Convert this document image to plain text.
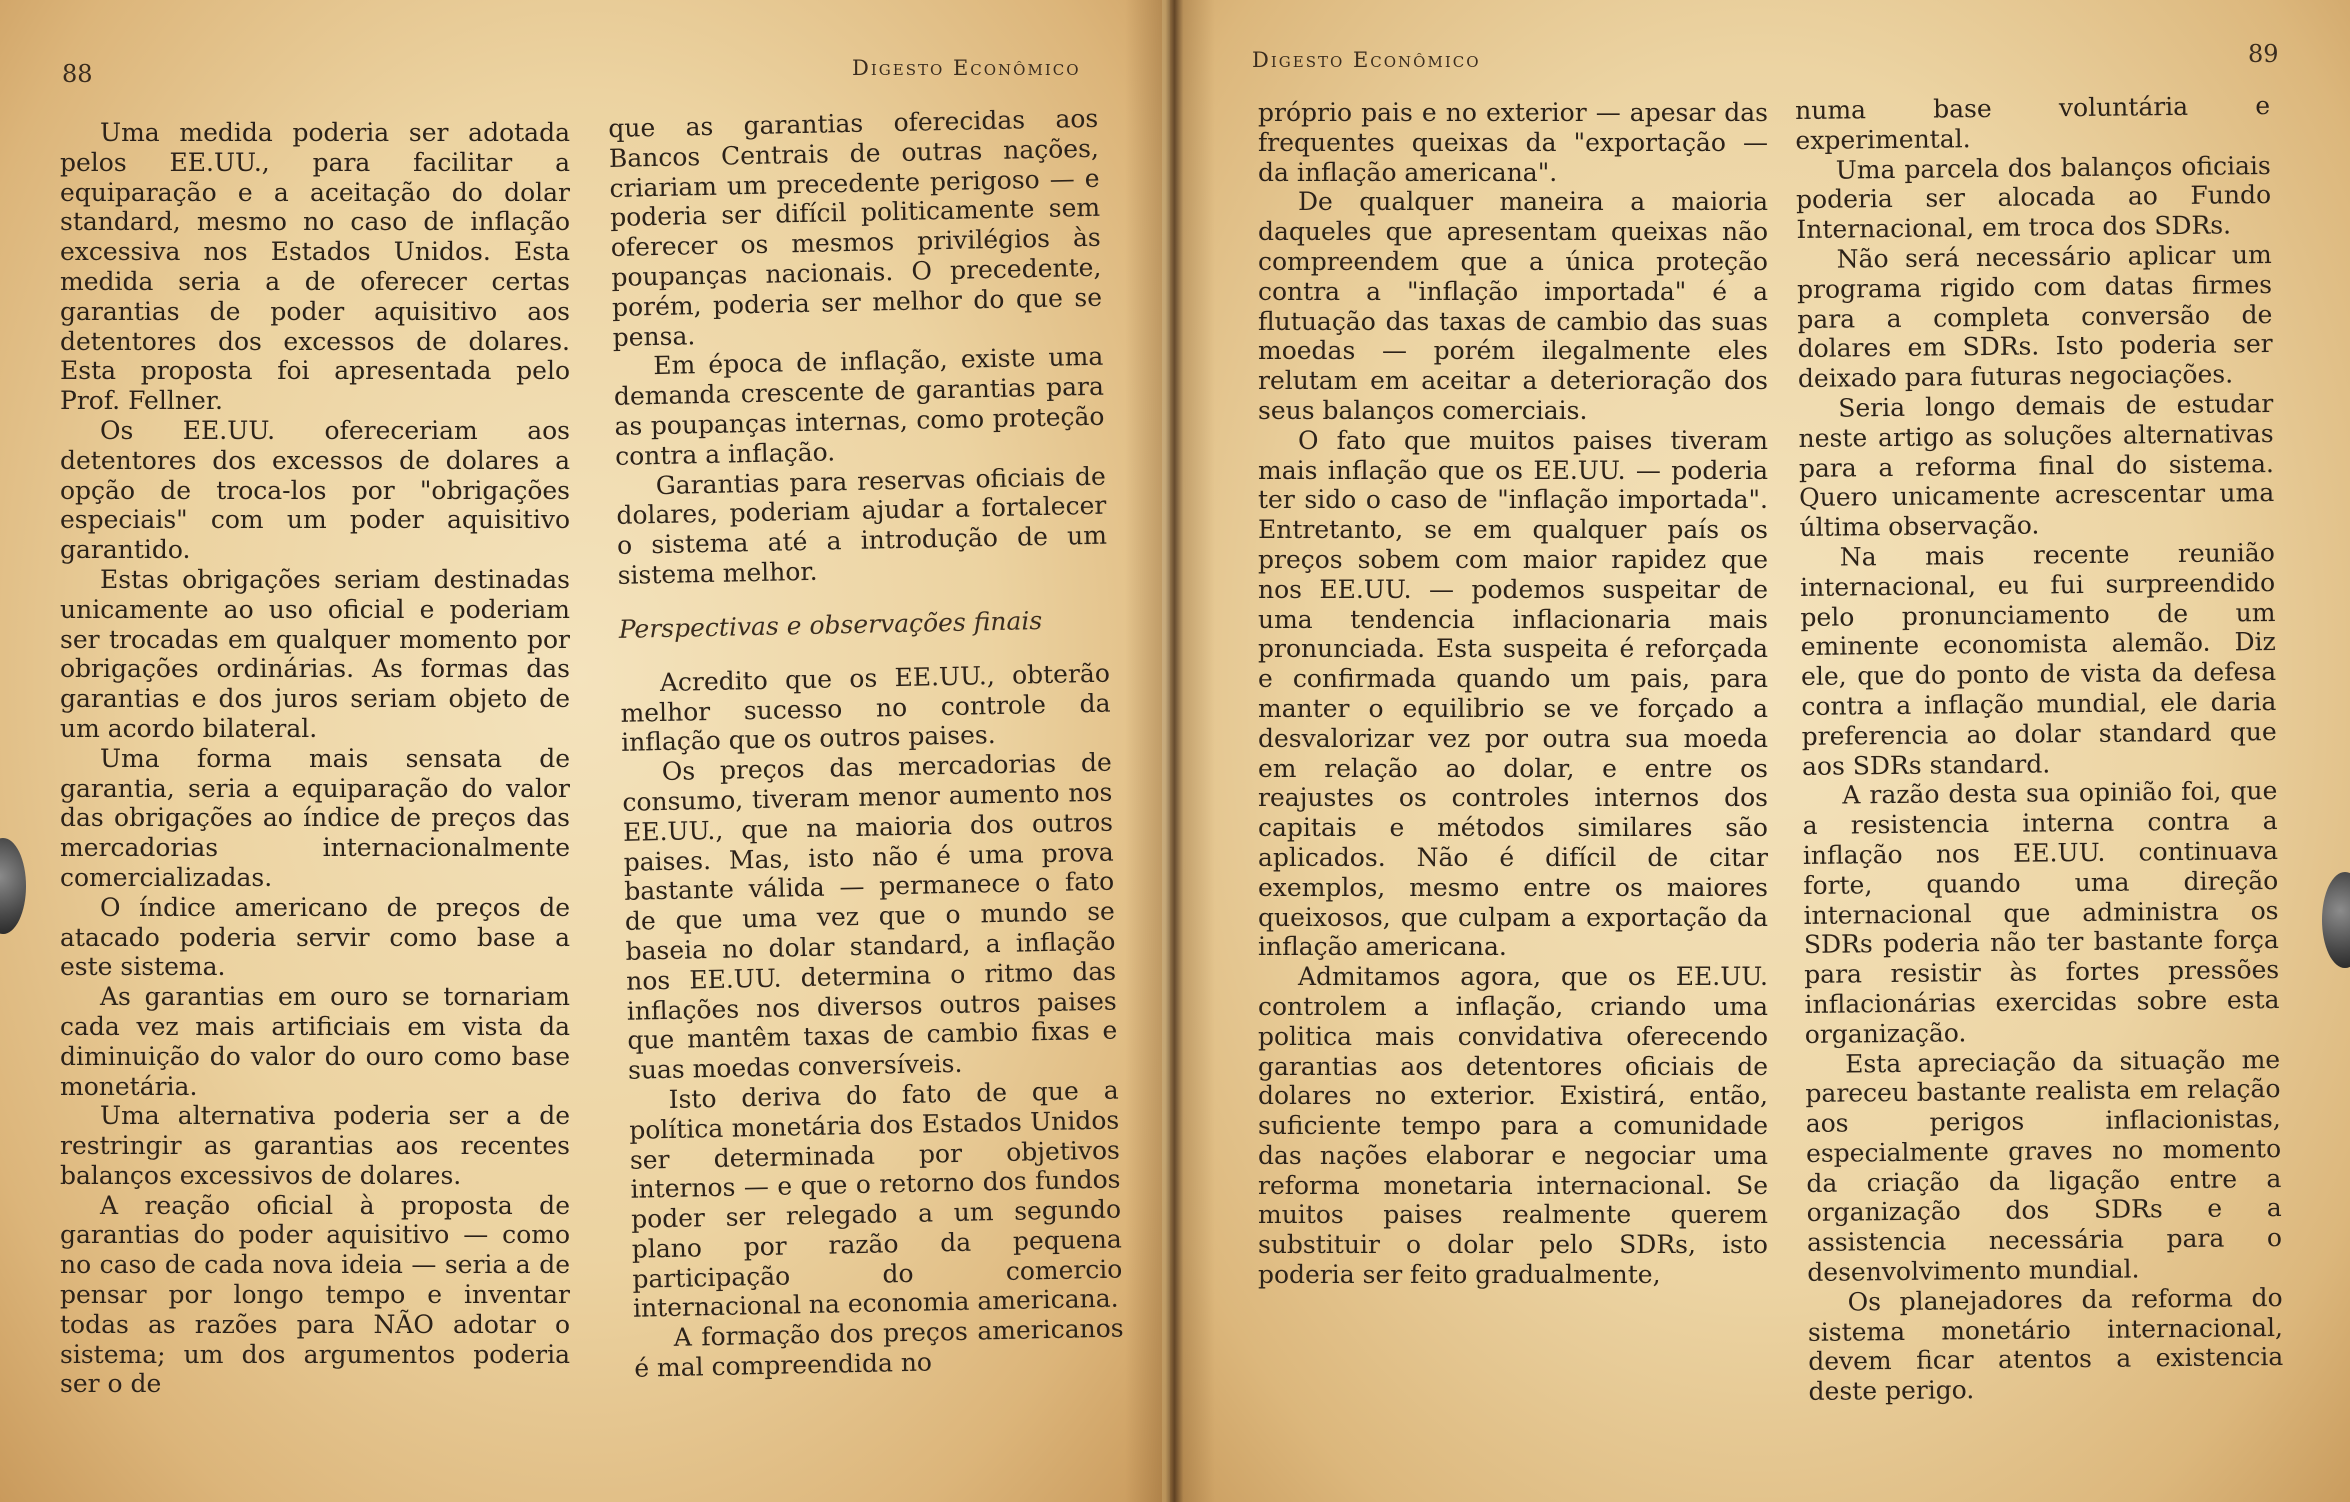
88	Digesto Econômico

Uma medida poderia ser adotada pelos EE.UU., para facilitar a equiparação e a aceitação do dolar standard, mesmo no caso de inflação excessiva nos Estados Unidos. Esta medida seria a de oferecer certas garantias de poder aquisitivo aos detentores dos excessos de dolares. Esta proposta foi apresentada pelo Prof. Fellner.

Os EE.UU. ofereceriam aos detentores dos excessos de dolares a opção de troca-los por "obrigações especiais" com um poder aquisitivo garantido.

Estas obrigações seriam destinadas unicamente ao uso oficial e poderiam ser trocadas em qualquer momento por obrigações ordinárias. As formas das garantias e dos juros seriam objeto de um acordo bilateral.

Uma forma mais sensata de garantia, seria a equiparação do valor das obrigações ao índice de preços das mercadorias internacionalmente comercializadas.

O índice americano de preços de atacado poderia servir como base a este sistema.

As garantias em ouro se tornariam cada vez mais artificiais em vista da diminuição do valor do ouro como base monetária.

Uma alternativa poderia ser a de restringir as garantias aos recentes balanços excessivos de dolares.

A reação oficial à proposta de garantias do poder aquisitivo — como no caso de cada nova ideia — seria a de pensar por longo tempo e inventar todas as razões para NÃO adotar o sistema; um dos argumentos poderia ser o de

que as garantias oferecidas aos Bancos Centrais de outras nações, criariam um precedente perigoso — e poderia ser difícil politicamente sem oferecer os mesmos privilégios às poupanças nacionais. O precedente, porém, poderia ser melhor do que se pensa.

Em época de inflação, existe uma demanda crescente de garantias para as poupanças internas, como proteção contra a inflação.

Garantias para reservas oficiais de dolares, poderiam ajudar a fortalecer o sistema até a introdução de um sistema melhor.

Perspectivas e observações finais

Acredito que os EE.UU., obterão melhor sucesso no controle da inflação que os outros paises.

Os preços das mercadorias de consumo, tiveram menor aumento nos EE.UU., que na maioria dos outros paises. Mas, isto não é uma prova bastante válida — permanece o fato de que uma vez que o mundo se baseia no dolar standard, a inflação nos EE.UU. determina o ritmo das inflações nos diversos outros paises que mantêm taxas de cambio fixas e suas moedas conversíveis.

Isto deriva do fato de que a política monetária dos Estados Unidos ser determinada por objetivos internos — e que o retorno dos fundos poder ser relegado a um segundo plano por razão da pequena participação do comercio internacional na economia americana.

A formação dos preços americanos é mal compreendida no

Digesto Econômico	89

próprio pais e no exterior — apesar das frequentes queixas da "exportação — da inflação americana".

De qualquer maneira a maioria daqueles que apresentam queixas não compreendem que a única proteção contra a "inflação importada" é a flutuação das taxas de cambio das suas moedas — porém ilegalmente eles relutam em aceitar a deterioração dos seus balanços comerciais.

O fato que muitos paises tiveram mais inflação que os EE.UU. — poderia ter sido o caso de "inflação importada". Entretanto, se em qualquer país os preços sobem com maior rapidez que nos EE.UU. — podemos suspeitar de uma tendencia inflacionaria mais pronunciada. Esta suspeita é reforçada e confirmada quando um pais, para manter o equilibrio se ve forçado a desvalorizar vez por outra sua moeda em relação ao dolar, e entre os reajustes os controles internos dos capitais e métodos similares são aplicados. Não é difícil de citar exemplos, mesmo entre os maiores queixosos, que culpam a exportação da inflação americana.

Admitamos agora, que os EE.UU. controlem a inflação, criando uma politica mais convidativa oferecendo garantias aos detentores oficiais de dolares no exterior. Existirá, então, suficiente tempo para a comunidade das nações elaborar e negociar uma reforma monetaria internacional. Se muitos paises realmente querem substituir o dolar pelo SDRs, isto poderia ser feito gradualmente,

numa base voluntária e experimental.

Uma parcela dos balanços oficiais poderia ser alocada ao Fundo Internacional, em troca dos SDRs.

Não será necessário aplicar um programa rigido com datas firmes para a completa conversão de dolares em SDRs. Isto poderia ser deixado para futuras negociações.

Seria longo demais de estudar neste artigo as soluções alternativas para a reforma final do sistema. Quero unicamente acrescentar uma última observação.

Na mais recente reunião internacional, eu fui surpreendido pelo pronunciamento de um eminente economista alemão. Diz ele, que do ponto de vista da defesa contra a inflação mundial, ele daria preferencia ao dolar standard que aos SDRs standard.

A razão desta sua opinião foi, que a resistencia interna contra a inflação nos EE.UU. continuava forte, quando uma direção internacional que administra os SDRs poderia não ter bastante força para resistir às fortes pressões inflacionárias exercidas sobre esta organização.

Esta apreciação da situação me pareceu bastante realista em relação aos perigos inflacionistas, especialmente graves no momento da criação da ligação entre a organização dos SDRs e a assistencia necessária para o desenvolvimento mundial.

Os planejadores da reforma do sistema monetário internacional, devem ficar atentos a existencia deste perigo.
